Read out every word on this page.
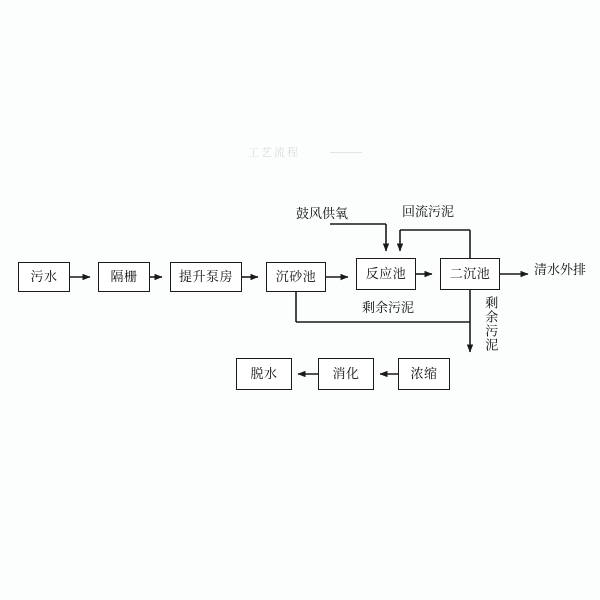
工艺流程
污水	隔栅	提升泵房	沉砂池	反应池	二沉池
脱水	消化	浓缩
鼓风供氧	回流污泥
清水外排
剩余污泥	剩余污泥
